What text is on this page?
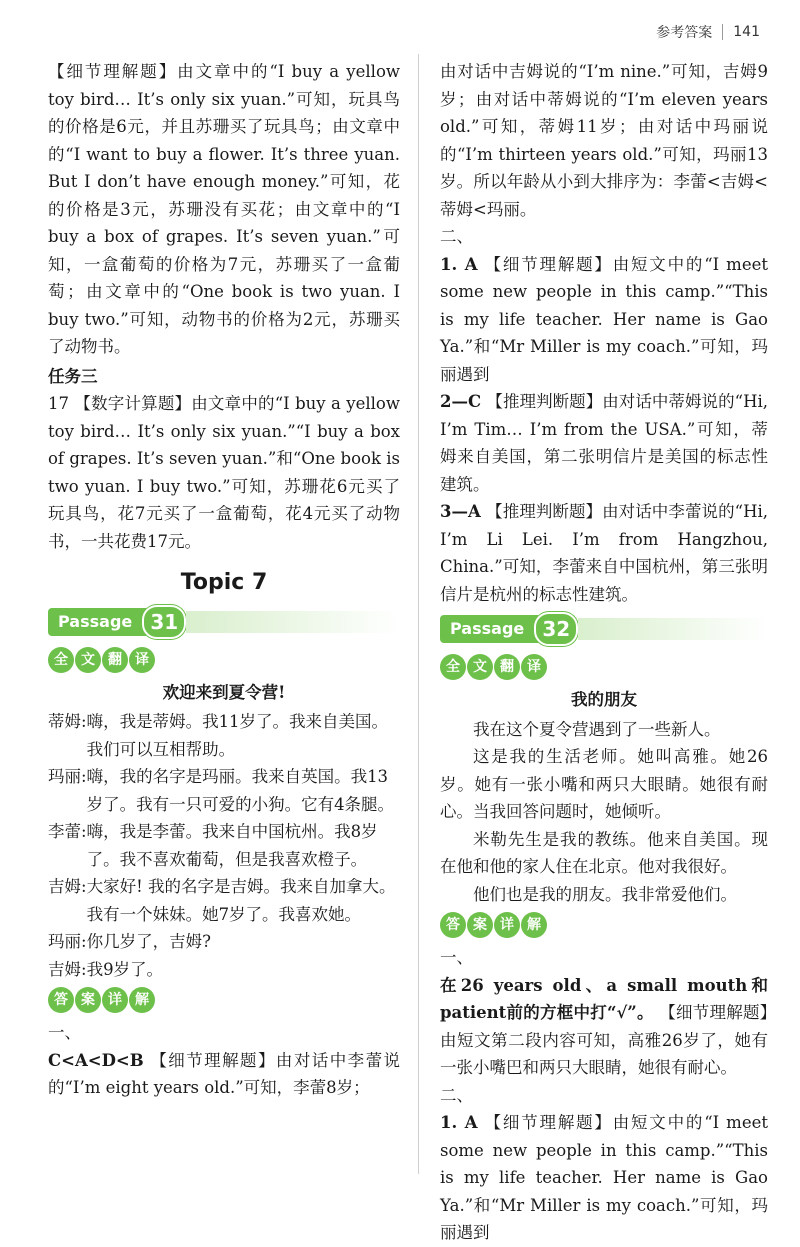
参考答案 141

【细节理解题】由文章中的“I buy a yellow toy bird… It’s only six yuan.”可知，玩具鸟的价格是6元，并且苏珊买了玩具鸟；由文章中的“I want to buy a flower. It’s three yuan. But I don’t have enough money.”可知，花的价格是3元，苏珊没有买花；由文章中的“I buy a box of grapes. It’s seven yuan.”可知，一盒葡萄的价格为7元，苏珊买了一盒葡萄；由文章中的“One book is two yuan. I buy two.”可知，动物书的价格为2元，苏珊买了动物书。

任务三

17 【数字计算题】由文章中的“I buy a yellow toy bird… It’s only six yuan.”“I buy a box of grapes. It’s seven yuan.”和“One book is two yuan. I buy two.”可知，苏珊花6元买了玩具鸟，花7元买了一盒葡萄，花4元买了动物书，一共花费17元。

Topic 7
Passage 31
全 文 翻 译

欢迎来到夏令营!

蒂姆: 嗨，我是蒂姆。我11岁了。我来自美国。我们可以互相帮助。
玛丽: 嗨，我的名字是玛丽。我来自英国。我13岁了。我有一只可爱的小狗。它有4条腿。
李蕾: 嗨，我是李蕾。我来自中国杭州。我8岁了。我不喜欢葡萄，但是我喜欢橙子。
吉姆: 大家好! 我的名字是吉姆。我来自加拿大。我有一个妹妹。她7岁了。我喜欢她。
玛丽: 你几岁了，吉姆?
吉姆: 我9岁了。
答 案 详 解

一、

C<A<D<B 【细节理解题】由对话中李蕾说的“I’m eight years old.”可知，李蕾8岁；

由对话中吉姆说的“I’m nine.”可知，吉姆9岁；由对话中蒂姆说的“I’m eleven years old.”可知，蒂姆11岁；由对话中玛丽说的“I’m thirteen years old.”可知，玛丽13岁。所以年龄从小到大排序为：李蕾<吉姆<蒂姆<玛丽。

二、

1. A 【细节理解题】由短文中的“I meet some new people in this camp.”“This is my life teacher. Her name is Gao Ya.”和“Mr Miller is my coach.”可知，玛丽遇到

2—C 【推理判断题】由对话中蒂姆说的“Hi, I’m Tim… I’m from the USA.”可知，蒂姆来自美国，第二张明信片是美国的标志性建筑。

3—A 【推理判断题】由对话中李蕾说的“Hi, I’m Li Lei. I’m from Hangzhou, China.”可知，李蕾来自中国杭州，第三张明信片是杭州的标志性建筑。

Passage 32
全 文 翻 译

我的朋友

我在这个夏令营遇到了一些新人。

这是我的生活老师。她叫高雅。她26岁。她有一张小嘴和两只大眼睛。她很有耐心。当我回答问题时，她倾听。

米勒先生是我的教练。他来自美国。现在他和他的家人住在北京。他对我很好。

他们也是我的朋友。我非常爱他们。

答 案 详 解

一、

在26 years old、a small mouth和patient前的方框中打“√”。 【细节理解题】由短文第二段内容可知，高雅26岁了，她有一张小嘴巴和两只大眼睛，她很有耐心。

二、

1. A 【细节理解题】由短文中的“I meet some new people in this camp.”“This is my life teacher. Her name is Gao Ya.”和“Mr Miller is my coach.”可知，玛丽遇到
